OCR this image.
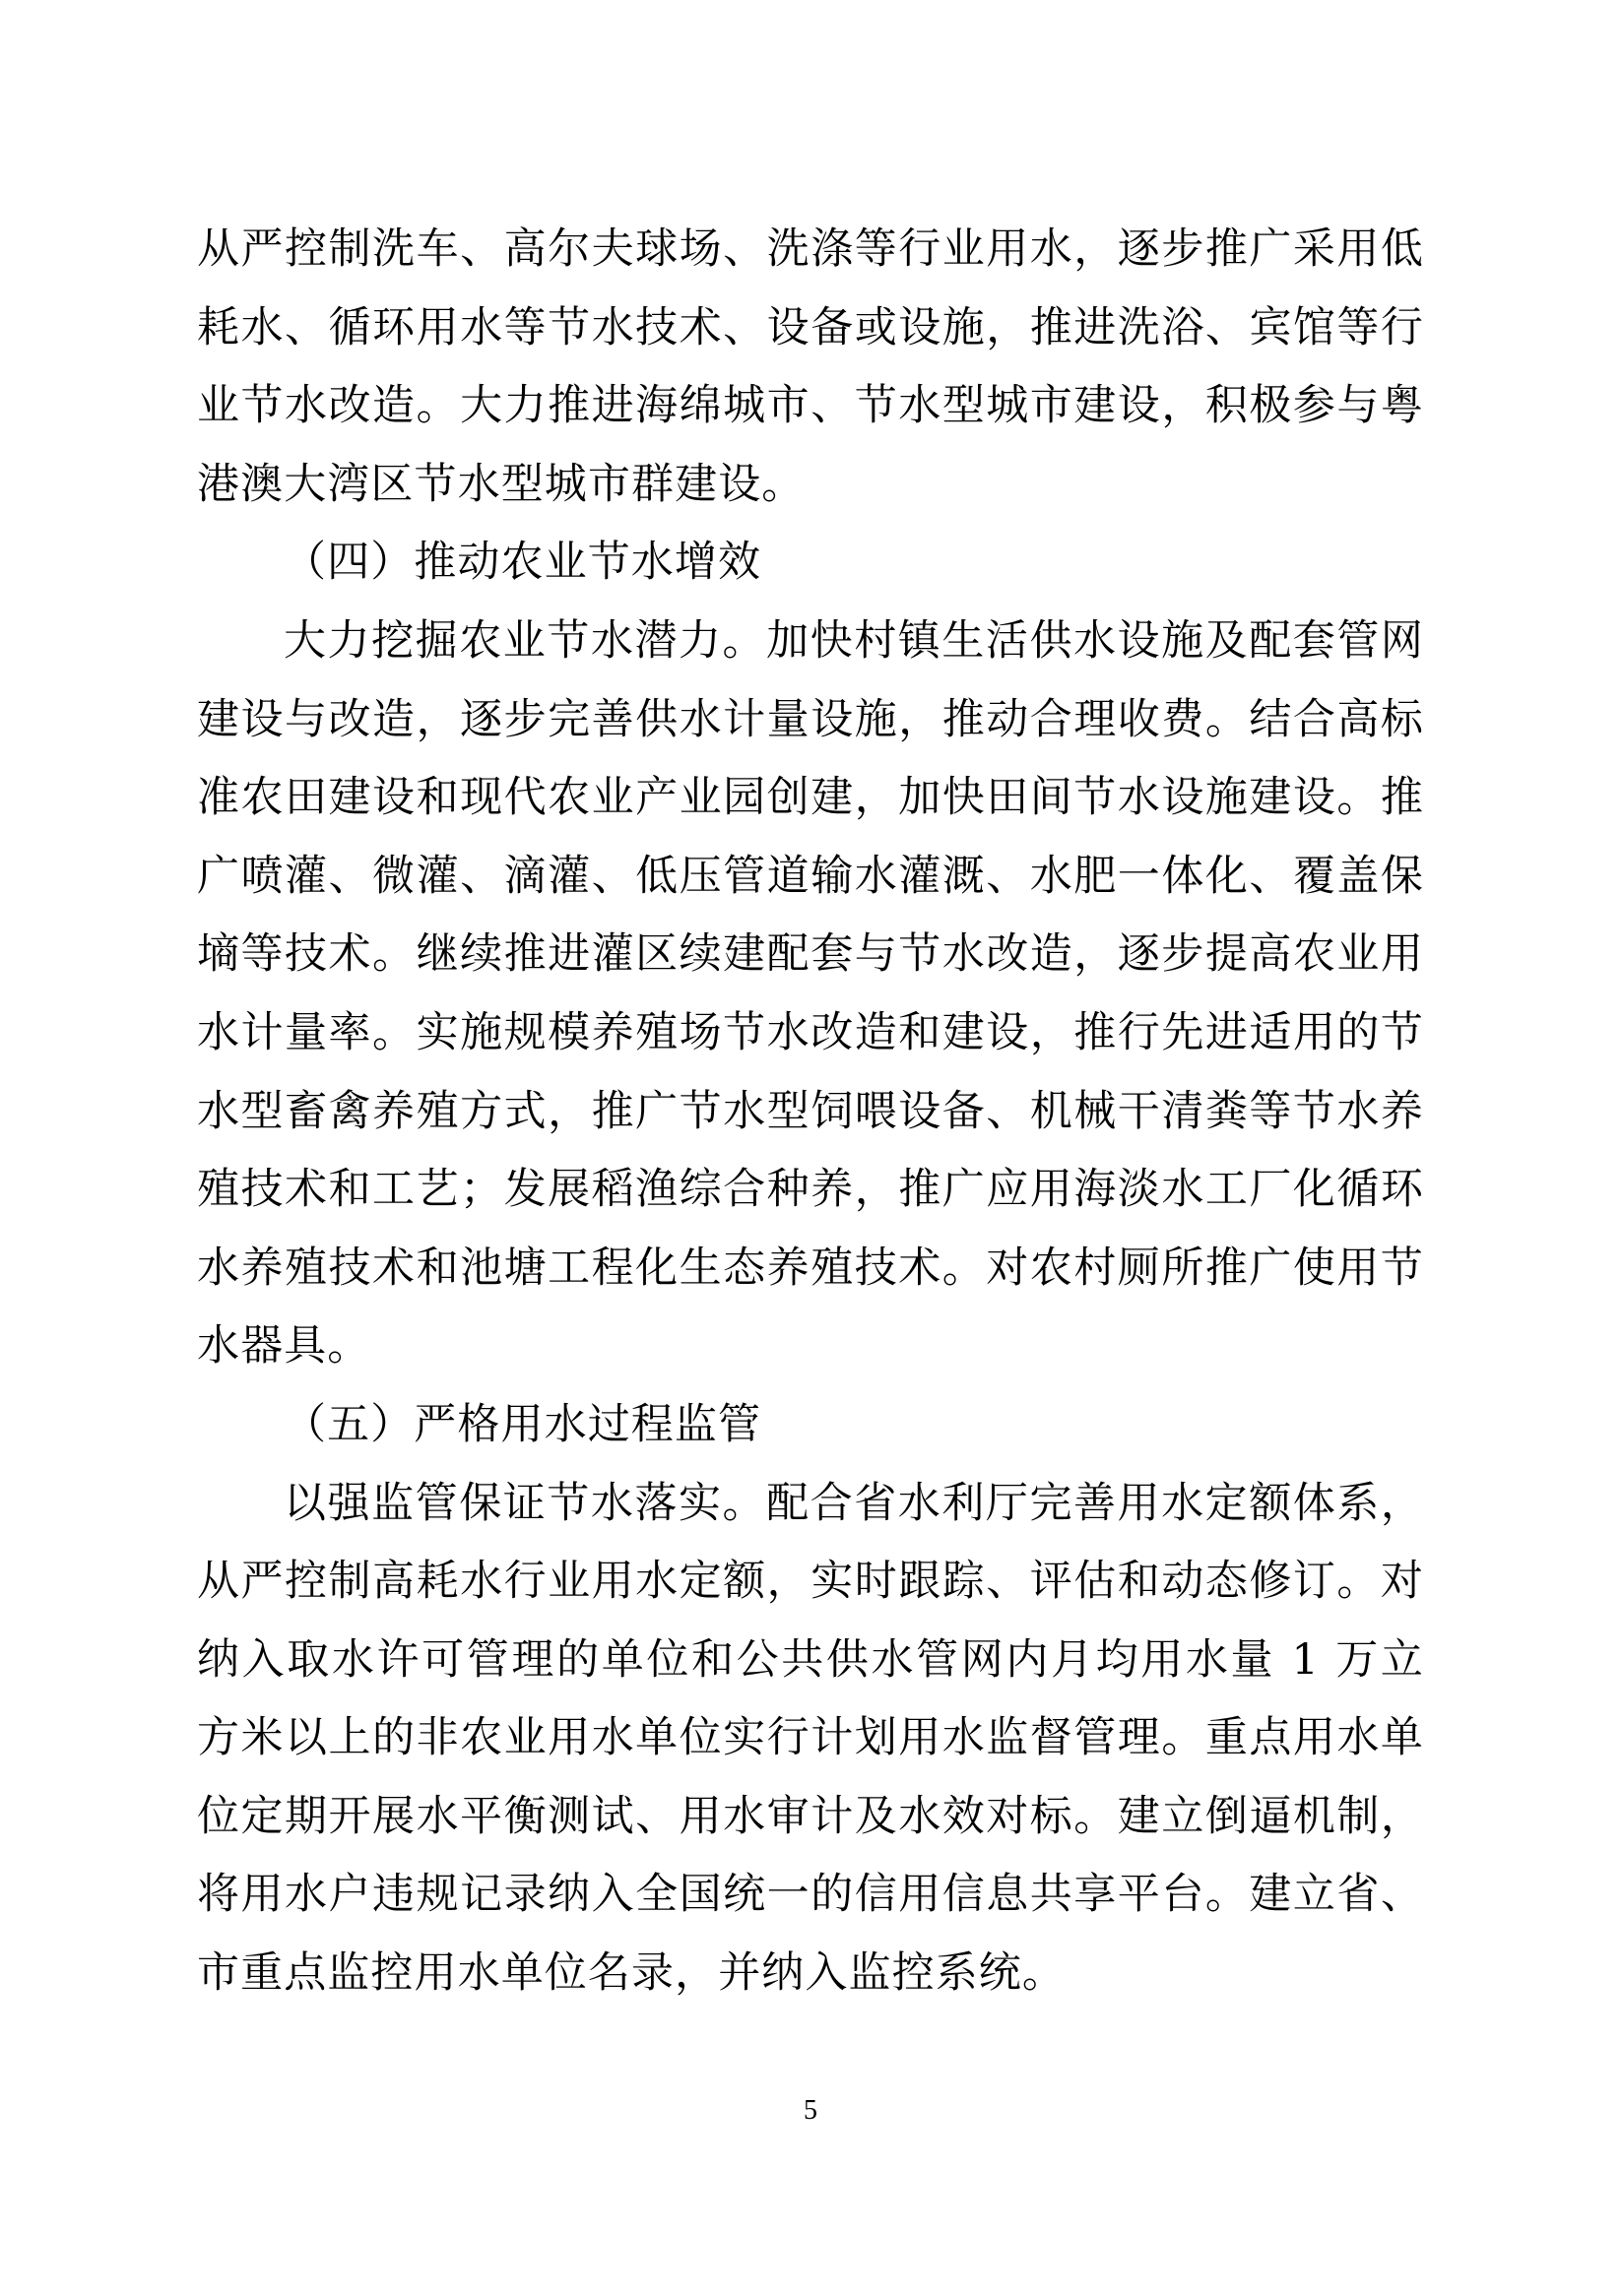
从严控制洗车、高尔夫球场、洗涤等行业用水，逐步推广采用低耗水、循环用水等节水技术、设备或设施，推进洗浴、宾馆等行业节水改造。大力推进海绵城市、节水型城市建设，积极参与粤港澳大湾区节水型城市群建设。

（四）推动农业节水增效

大力挖掘农业节水潜力。加快村镇生活供水设施及配套管网建设与改造，逐步完善供水计量设施，推动合理收费。结合高标准农田建设和现代农业产业园创建，加快田间节水设施建设。推广喷灌、微灌、滴灌、低压管道输水灌溉、水肥一体化、覆盖保墒等技术。继续推进灌区续建配套与节水改造，逐步提高农业用水计量率。实施规模养殖场节水改造和建设，推行先进适用的节水型畜禽养殖方式，推广节水型饲喂设备、机械干清粪等节水养殖技术和工艺；发展稻渔综合种养，推广应用海淡水工厂化循环水养殖技术和池塘工程化生态养殖技术。对农村厕所推广使用节水器具。

（五）严格用水过程监管

以强监管保证节水落实。配合省水利厅完善用水定额体系，从严控制高耗水行业用水定额，实时跟踪、评估和动态修订。对纳入取水许可管理的单位和公共供水管网内月均用水量 1 万立方米以上的非农业用水单位实行计划用水监督管理。重点用水单位定期开展水平衡测试、用水审计及水效对标。建立倒逼机制，将用水户违规记录纳入全国统一的信用信息共享平台。建立省、市重点监控用水单位名录，并纳入监控系统。

5
